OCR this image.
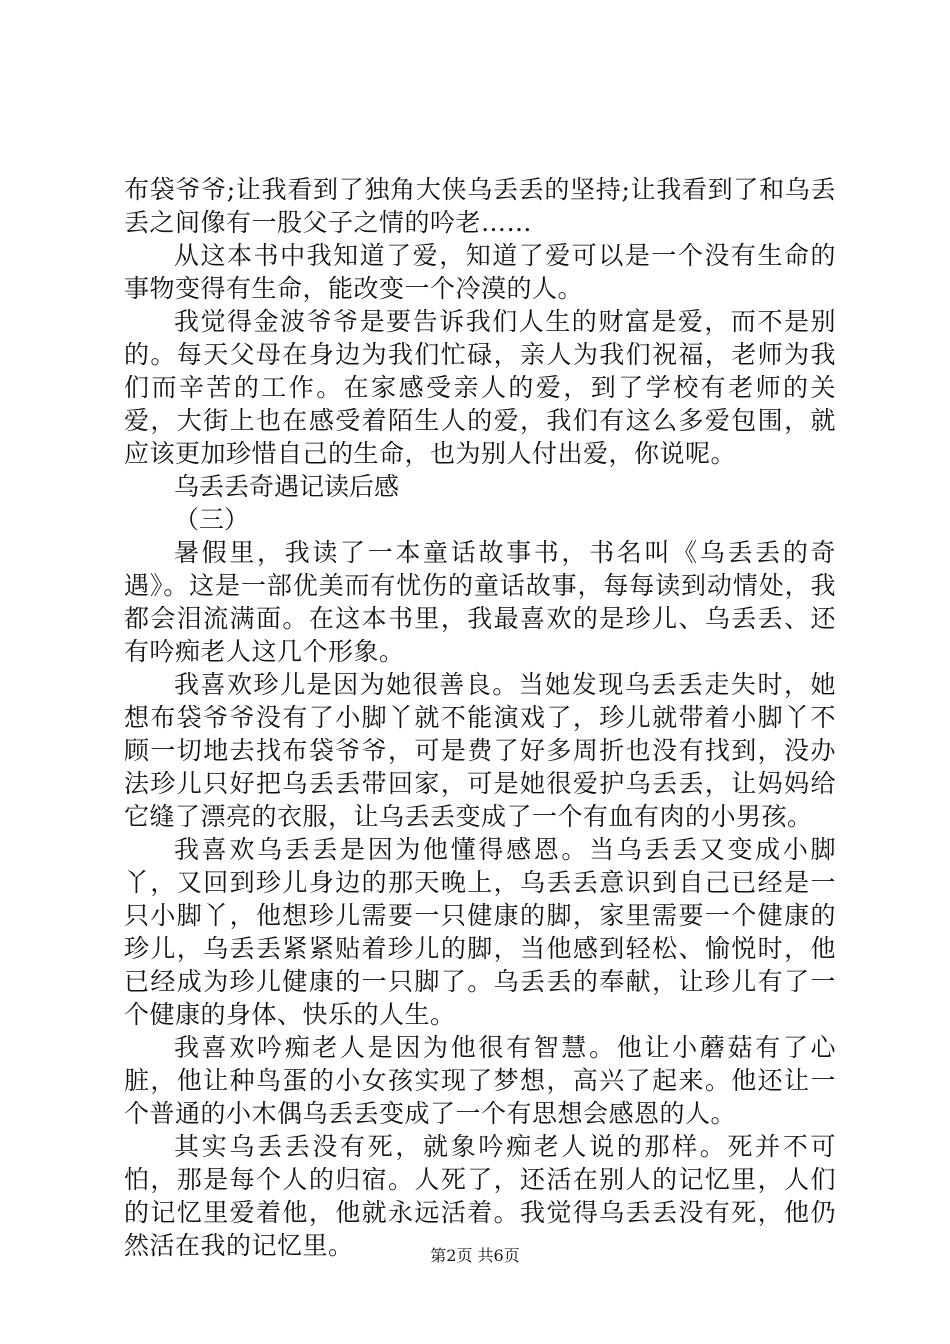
布袋爷爷;让我看到了独角大侠乌丢丢的坚持;让我看到了和乌丢丢之间像有一股父子之情的吟老……

从这本书中我知道了爱，知道了爱可以是一个没有生命的事物变得有生命，能改变一个冷漠的人。

我觉得金波爷爷是要告诉我们人生的财富是爱，而不是别的。每天父母在身边为我们忙碌，亲人为我们祝福，老师为我们而辛苦的工作。在家感受亲人的爱，到了学校有老师的关爱，大街上也在感受着陌生人的爱，我们有这么多爱包围，就应该更加珍惜自己的生命，也为别人付出爱，你说呢。

乌丢丢奇遇记读后感

（三）

暑假里，我读了一本童话故事书，书名叫《乌丢丢的奇遇》。这是一部优美而有忧伤的童话故事，每每读到动情处，我都会泪流满面。在这本书里，我最喜欢的是珍儿、乌丢丢、还有吟痴老人这几个形象。

我喜欢珍儿是因为她很善良。当她发现乌丢丢走失时，她想布袋爷爷没有了小脚丫就不能演戏了，珍儿就带着小脚丫不顾一切地去找布袋爷爷，可是费了好多周折也没有找到，没办法珍儿只好把乌丢丢带回家，可是她很爱护乌丢丢，让妈妈给它缝了漂亮的衣服，让乌丢丢变成了一个有血有肉的小男孩。

我喜欢乌丢丢是因为他懂得感恩。当乌丢丢又变成小脚丫，又回到珍儿身边的那天晚上，乌丢丢意识到自己已经是一只小脚丫，他想珍儿需要一只健康的脚，家里需要一个健康的珍儿，乌丢丢紧紧贴着珍儿的脚，当他感到轻松、愉悦时，他已经成为珍儿健康的一只脚了。乌丢丢的奉献，让珍儿有了一个健康的身体、快乐的人生。

我喜欢吟痴老人是因为他很有智慧。他让小蘑菇有了心脏，他让种鸟蛋的小女孩实现了梦想，高兴了起来。他还让一个普通的小木偶乌丢丢变成了一个有思想会感恩的人。

其实乌丢丢没有死，就象吟痴老人说的那样。死并不可怕，那是每个人的归宿。人死了，还活在别人的记忆里，人们的记忆里爱着他，他就永远活着。我觉得乌丢丢没有死，他仍然活在我的记忆里。	第2页 共6页
